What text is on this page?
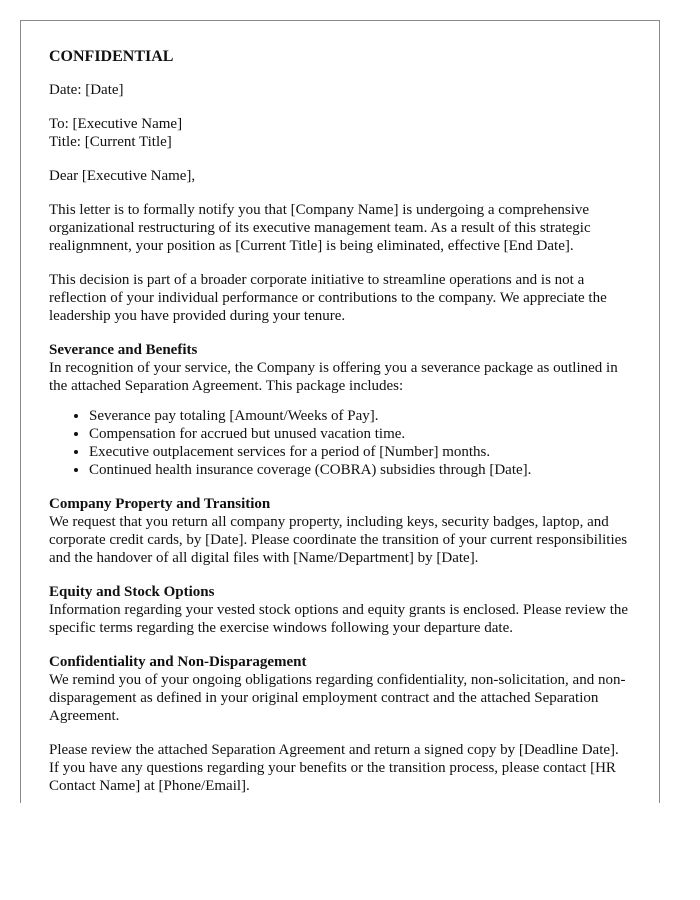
CONFIDENTIAL

Date: [Date]

To: [Executive Name]
Title: [Current Title]

Dear [Executive Name],

This letter is to formally notify you that [Company Name] is undergoing a comprehensive organizational restructuring of its executive management team. As a result of this strategic realignmnent, your position as [Current Title] is being eliminated, effective [End Date].

This decision is part of a broader corporate initiative to streamline operations and is not a reflection of your individual performance or contributions to the company. We appreciate the leadership you have provided during your tenure.

Severance and Benefits
In recognition of your service, the Company is offering you a severance package as outlined in the attached Separation Agreement. This package includes:
• Severance pay totaling [Amount/Weeks of Pay].
• Compensation for accrued but unused vacation time.
• Executive outplacement services for a period of [Number] months.
• Continued health insurance coverage (COBRA) subsidies through [Date].
Company Property and Transition
We request that you return all company property, including keys, security badges, laptop, and corporate credit cards, by [Date]. Please coordinate the transition of your current responsibilities and the handover of all digital files with [Name/Department] by [Date].
Equity and Stock Options
Information regarding your vested stock options and equity grants is enclosed. Please review the specific terms regarding the exercise windows following your departure date.
Confidentiality and Non-Disparagement
We remind you of your ongoing obligations regarding confidentiality, non-solicitation, and non-disparagement as defined in your original employment contract and the attached Separation Agreement.

Please review the attached Separation Agreement and return a signed copy by [Deadline Date]. If you have any questions regarding your benefits or the transition process, please contact [HR Contact Name] at [Phone/Email].
